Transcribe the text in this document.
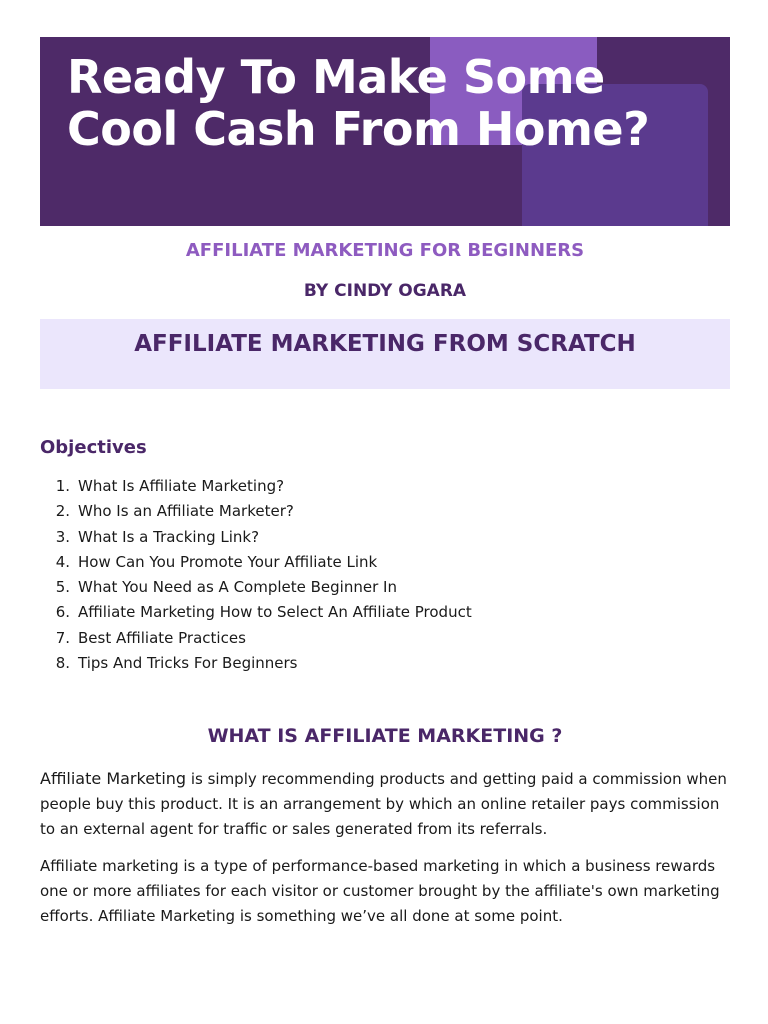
Ready To Make Some Cool Cash From Home?

AFFILIATE MARKETING FOR BEGINNERS

BY CINDY OGARA

AFFILIATE MARKETING FROM SCRATCH
Objectives
1. What Is Affiliate Marketing?
2. Who Is an Affiliate Marketer?
3. What Is a Tracking Link?
4. How Can You Promote Your Affiliate Link
5. What You Need as A Complete Beginner In
6. Affiliate Marketing How to Select An Affiliate Product
7. Best Affiliate Practices
8. Tips And Tricks For Beginners
WHAT IS AFFILIATE MARKETING ?

Affiliate Marketing is simply recommending products and getting paid a commission when people buy this product. It is an arrangement by which an online retailer pays commission to an external agent for traffic or sales generated from its referrals.

Affiliate marketing is a type of performance-based marketing in which a business rewards one or more affiliates for each visitor or customer brought by the affiliate's own marketing efforts. Affiliate Marketing is something we’ve all done at some point.
